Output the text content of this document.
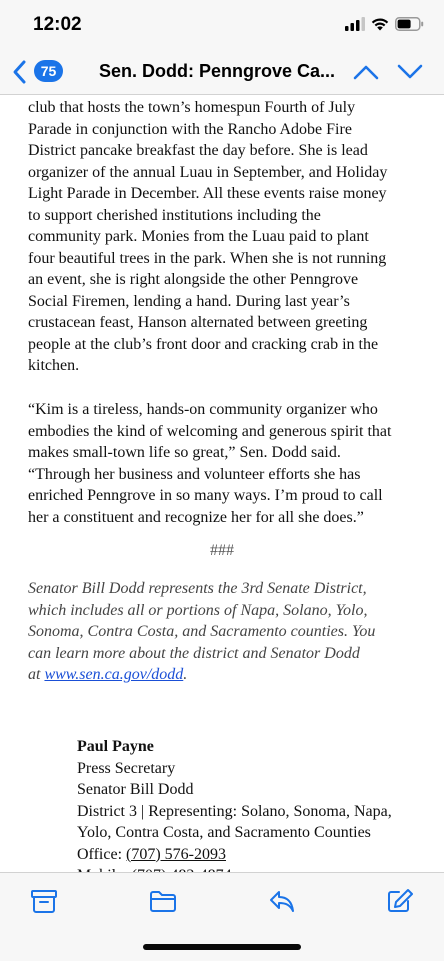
12:02
75	Sen. Dodd: Penngrove Ca...

club that hosts the town’s homespun Fourth of July
Parade in conjunction with the Rancho Adobe Fire
District pancake breakfast the day before. She is lead
organizer of the annual Luau in September, and Holiday
Light Parade in December. All these events raise money
to support cherished institutions including the
community park. Monies from the Luau paid to plant
four beautiful trees in the park. When she is not running
an event, she is right alongside the other Penngrove
Social Firemen, lending a hand. During last year’s
crustacean feast, Hanson alternated between greeting
people at the club’s front door and cracking crab in the
kitchen.

“Kim is a tireless, hands-on community organizer who
embodies the kind of welcoming and generous spirit that
makes small-town life so great,” Sen. Dodd said.
“Through her business and volunteer efforts she has
enriched Penngrove in so many ways. I’m proud to call
her a constituent and recognize her for all she does.”

###

Senator Bill Dodd represents the 3rd Senate District,
which includes all or portions of Napa, Solano, Yolo,
Sonoma, Contra Costa, and Sacramento counties. You
can learn more about the district and Senator Dodd
at www.sen.ca.gov/dodd.

Paul Payne
Press Secretary
Senator Bill Dodd
District 3 | Representing: Solano, Sonoma, Napa,
Yolo, Contra Costa, and Sacramento Counties
Office: (707) 576-2093
